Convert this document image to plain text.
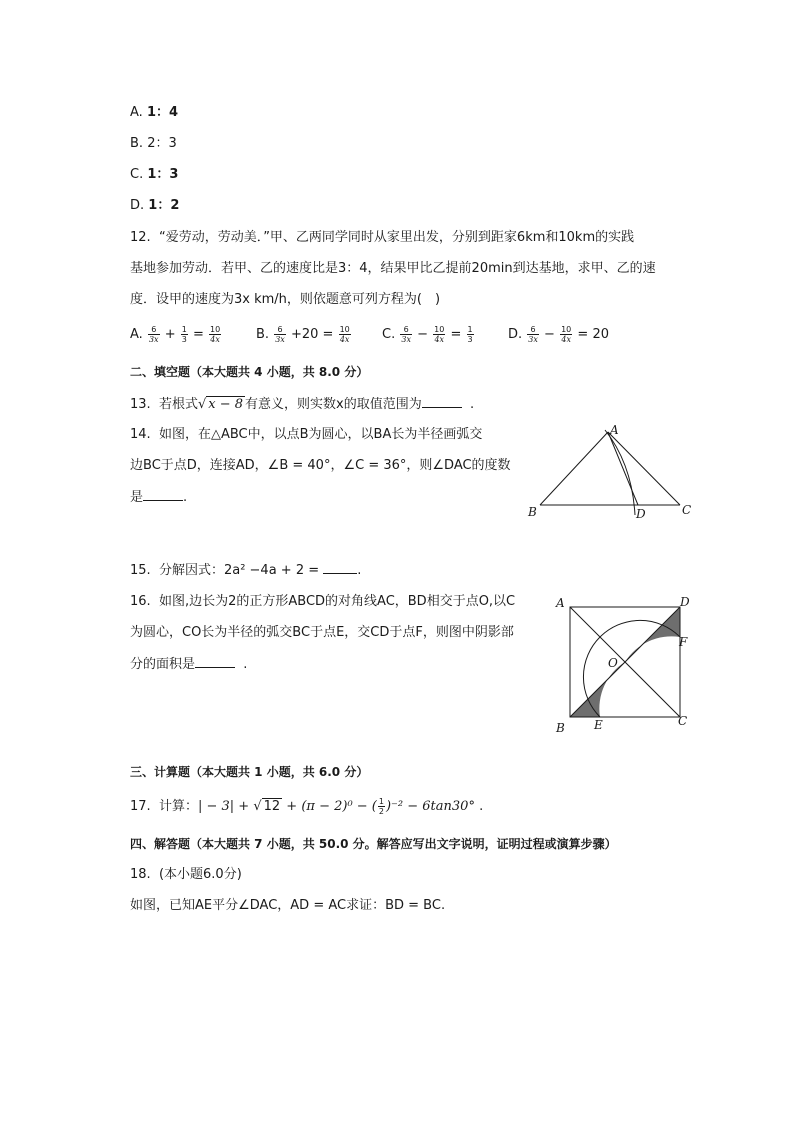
A. 1：4
B. 2：3
C. 1：3
D. 1：2
12. “爱劳动，劳动美．”甲、乙两同学同时从家里出发，分别到距家6km和10km的实践
基地参加劳动．若甲、乙的速度比是3：4，结果甲比乙提前20min到达基地，求甲、乙的速
度．设甲的速度为3x km/h，则依题意可列方程为(　)
A. $\frac{6}{3x} + \frac{1}{3} = \frac{10}{4x}$	B. $\frac{6}{3x} +20 = \frac{10}{4x} C$. $\frac{6}{3x} - \frac{10}{4x} = \frac{1}{3}$	D. $\frac{6}{3x} - \frac{10}{4x} = 20$
二、填空题（本大题共 4 小题，共 8.0 分）
13. 若根式√ x − 8 有意义，则实数x的取值范围为	.
14. 如图，在△ABC中，以点B为圆心，以BA长为半径画弧交
边BC于点D，连接AD，∠B = 40°，∠C = 36°，则∠DAC的度数
是	.
A
B	C
D
15. 分解因式：2a² −4a + 2 =	.
16. 如图,边长为2的正方形ABCD的对角线AC，BD相交于点O,以C
为圆心，CO长为半径的弧交BC于点E，交CD于点F，则图中阴影部
分的面积是	.
A	D
F
O
B E	C
三、计算题（本大题共 1 小题，共 6.0 分）
17. 计算：| − 3| + √ 12 + (π − 2)⁰ − ( $\frac{1}{2} )^{-2} - 6\tan 30^\circ$ .
四、解答题（本大题共 7 小题，共 50.0 分。解答应写出文字说明，证明过程或演算步骤）
18. (本小题6.0分)
如图，已知AE平分∠DAC，AD = AC求证：BD = BC.
